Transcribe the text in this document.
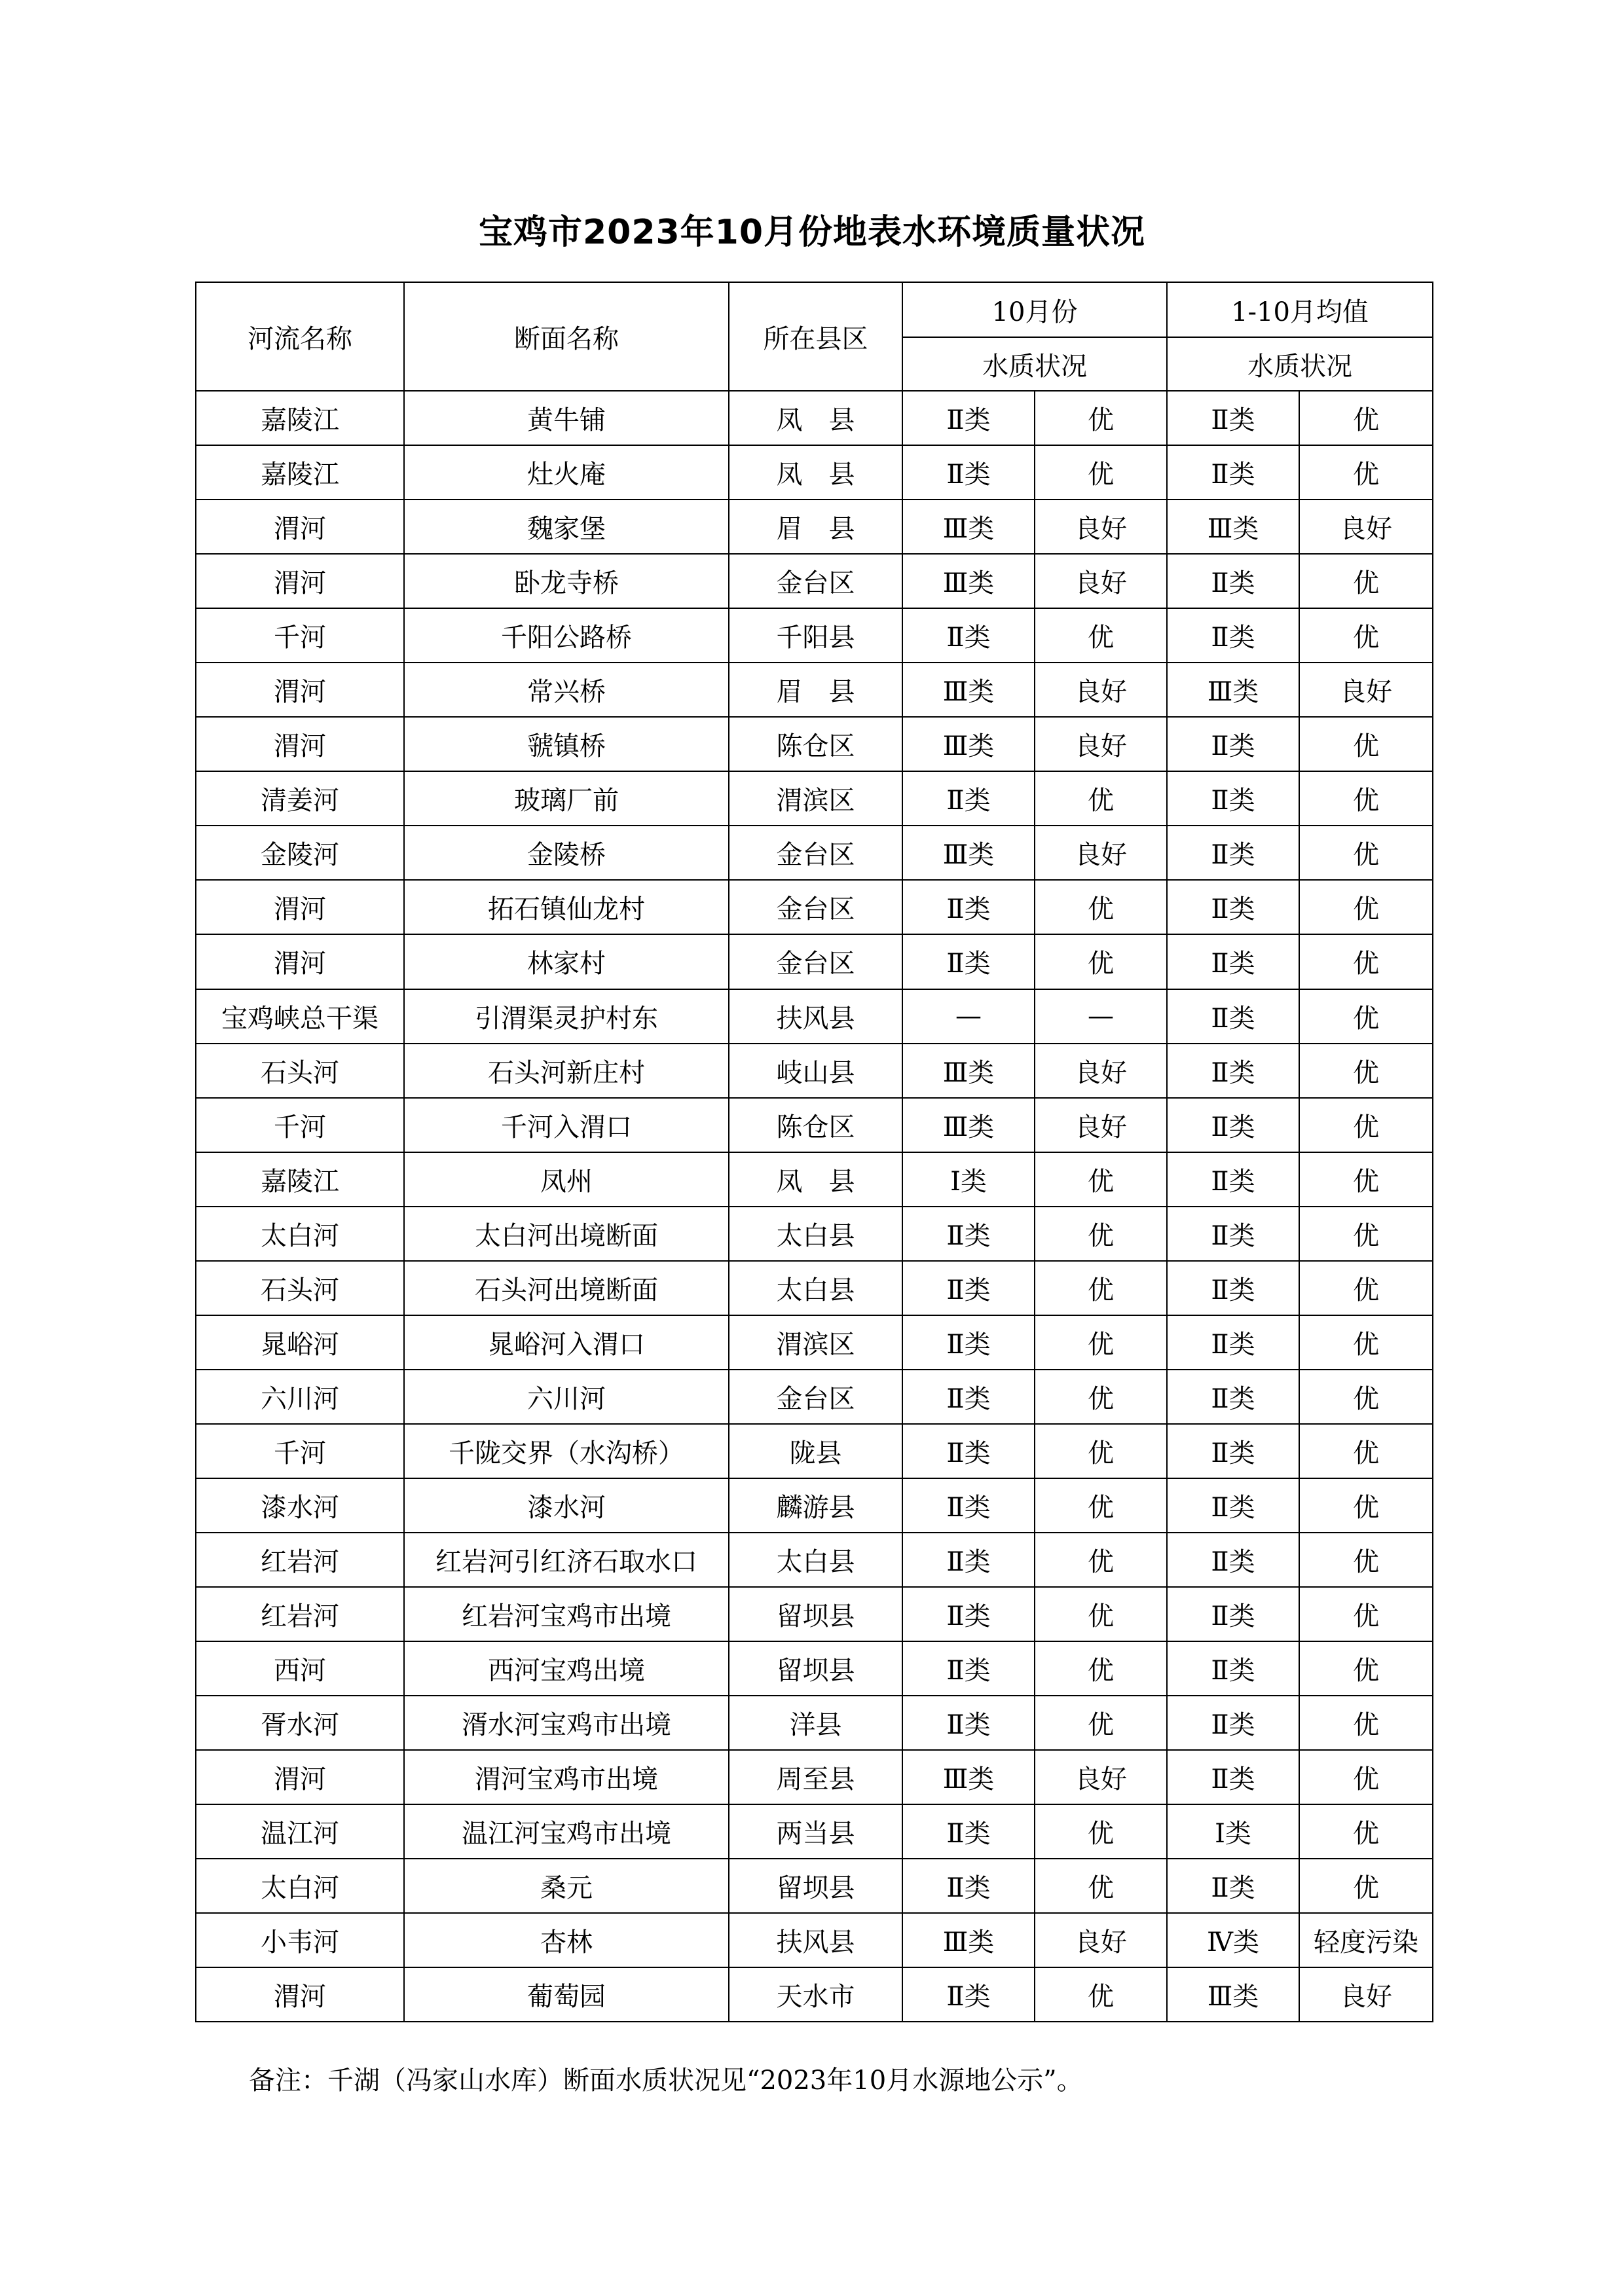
宝鸡市2023年10月份地表水环境质量状况
河流名称	断面名称	所在县区	10月份		1-10月均值	
			水质状况		水质状况	
嘉陵江	黄牛铺	凤　县	Ⅱ类	优	Ⅱ类	优
嘉陵江	灶火庵	凤　县	Ⅱ类	优	Ⅱ类	优
渭河	魏家堡	眉　县	Ⅲ类	良好	Ⅲ类	良好
渭河	卧龙寺桥	金台区	Ⅲ类	良好	Ⅱ类	优
千河	千阳公路桥	千阳县	Ⅱ类	优	Ⅱ类	优
渭河	常兴桥	眉　县	Ⅲ类	良好	Ⅲ类	良好
渭河	虢镇桥	陈仓区	Ⅲ类	良好	Ⅱ类	优
清姜河	玻璃厂前	渭滨区	Ⅱ类	优	Ⅱ类	优
金陵河	金陵桥	金台区	Ⅲ类	良好	Ⅱ类	优
渭河	拓石镇仙龙村	金台区	Ⅱ类	优	Ⅱ类	优
渭河	林家村	金台区	Ⅱ类	优	Ⅱ类	优
宝鸡峡总干渠	引渭渠灵护村东	扶风县	—	—	Ⅱ类	优
石头河	石头河新庄村	岐山县	Ⅲ类	良好	Ⅱ类	优
千河	千河入渭口	陈仓区	Ⅲ类	良好	Ⅱ类	优
嘉陵江	凤州	凤　县	Ⅰ类	优	Ⅱ类	优
太白河	太白河出境断面	太白县	Ⅱ类	优	Ⅱ类	优
石头河	石头河出境断面	太白县	Ⅱ类	优	Ⅱ类	优
晁峪河	晁峪河入渭口	渭滨区	Ⅱ类	优	Ⅱ类	优
六川河	六川河	金台区	Ⅱ类	优	Ⅱ类	优
千河	千陇交界（水沟桥）	陇县	Ⅱ类	优	Ⅱ类	优
漆水河	漆水河	麟游县	Ⅱ类	优	Ⅱ类	优
红岩河	红岩河引红济石取水口	太白县	Ⅱ类	优	Ⅱ类	优
红岩河	红岩河宝鸡市出境	留坝县	Ⅱ类	优	Ⅱ类	优
西河	西河宝鸡出境	留坝县	Ⅱ类	优	Ⅱ类	优
胥水河	湑水河宝鸡市出境	洋县	Ⅱ类	优	Ⅱ类	优
渭河	渭河宝鸡市出境	周至县	Ⅲ类	良好	Ⅱ类	优
温江河	温江河宝鸡市出境	两当县	Ⅱ类	优	Ⅰ类	优
太白河	桑元	留坝县	Ⅱ类	优	Ⅱ类	优
小韦河	杏林	扶风县	Ⅲ类	良好	Ⅳ类	轻度污染
渭河	葡萄园	天水市	Ⅱ类	优	Ⅲ类	良好
备注：千湖（冯家山水库）断面水质状况见“2023年10月水源地公示”。
